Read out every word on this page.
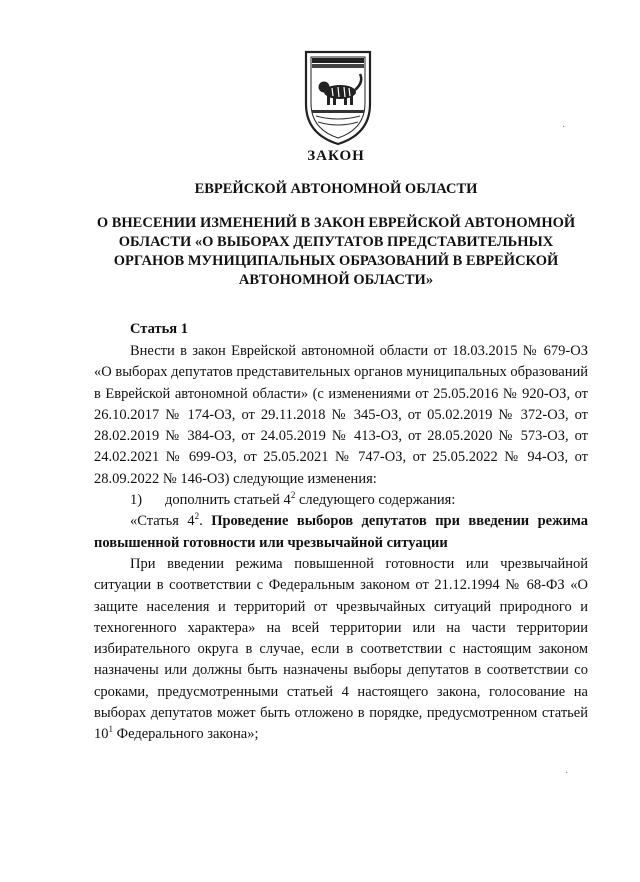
ЗАКОН
ЕВРЕЙСКОЙ АВТОНОМНОЙ ОБЛАСТИ
О ВНЕСЕНИИ ИЗМЕНЕНИЙ В ЗАКОН ЕВРЕЙСКОЙ АВТОНОМНОЙ ОБЛАСТИ «О ВЫБОРАХ ДЕПУТАТОВ ПРЕДСТАВИТЕЛЬНЫХ ОРГАНОВ МУНИЦИПАЛЬНЫХ ОБРАЗОВАНИЙ В ЕВРЕЙСКОЙ АВТОНОМНОЙ ОБЛАСТИ»
Статья 1

Внести в закон Еврейской автономной области от 18.03.2015 № 679-ОЗ «О выборах депутатов представительных органов муниципальных образований в Еврейской автономной области» (с изменениями от 25.05.2016 № 920-ОЗ, от 26.10.2017 № 174-ОЗ, от 29.11.2018 № 345-ОЗ, от 05.02.2019 № 372-ОЗ, от 28.02.2019 № 384-ОЗ, от 24.05.2019 № 413-ОЗ, от 28.05.2020 № 573-ОЗ, от 24.02.2021 № 699-ОЗ, от 25.05.2021 № 747-ОЗ, от 25.05.2022 № 94-ОЗ, от 28.09.2022 № 146-ОЗ) следующие изменения:

1) дополнить статьей $4^2$ следующего содержания:

«Статья $4^2$. Проведение выборов депутатов при введении режима повышенной готовности или чрезвычайной ситуации

При введении режима повышенной готовности или чрезвычайной ситуации в соответствии с Федеральным законом от 21.12.1994 № 68-ФЗ «О защите населения и территорий от чрезвычайных ситуаций природного и техногенного характера» на всей территории или на части территории избирательного округа в случае, если в соответствии с настоящим законом назначены или должны быть назначены выборы депутатов в соответствии со сроками, предусмотренными статьей 4 настоящего закона, голосование на выборах депутатов может быть отложено в порядке, предусмотренном статьей $10^1$ Федерального закона»;

·
·
